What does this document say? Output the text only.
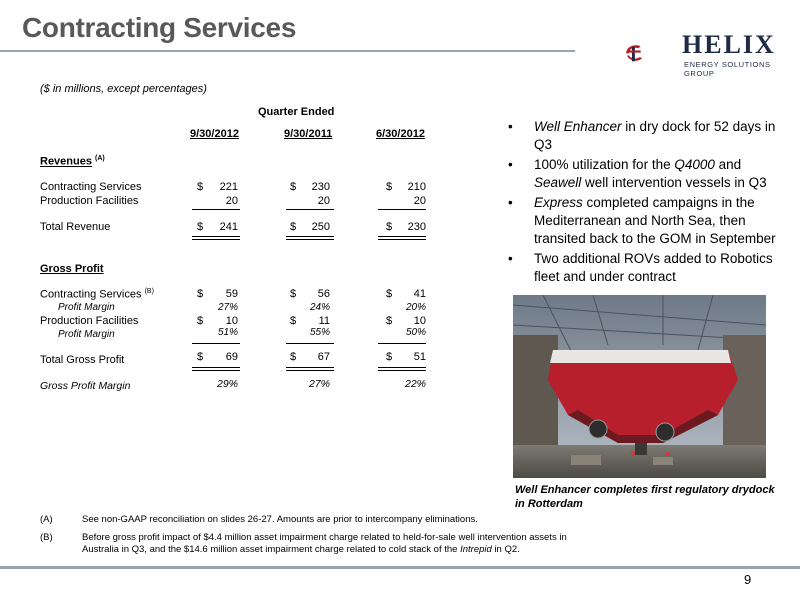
Contracting Services
HELIX
ENERGY SOLUTIONS GROUP
($ in millions, except percentages)
Quarter Ended
9/30/2012	9/30/2011	6/30/2012
Revenues $^{(A)}$
Contracting Services	$	221	$	230	$	210
Production Facilities	20	20	20
Total Revenue	$	241	$	250	$	230
Gross Profit
Contracting Services $^{(B)}$	$	59	$	56	$	41
Profit Margin	27%	24%	20%
Production Facilities	$	10	$	11	$	10
Profit Margin	51%	55%	50%
Total Gross Profit	$	69	$	67	$	51
Gross Profit Margin	29%	27%	22%
• Well Enhancer in dry dock for 52 days in Q3
• 100% utilization for the Q4000 and Seawell well intervention vessels in Q3
• Express completed campaigns in the Mediterranean and North Sea, then transited back to the GOM in September
• Two additional ROVs added to Robotics fleet and under contract
Well Enhancer completes first regulatory drydock in Rotterdam
(A)	See non-GAAP reconciliation on slides 26-27. Amounts are prior to intercompany eliminations.
(B)	Before gross profit impact of $4.4 million asset impairment charge related to held-for-sale well intervention assets in Australia in Q3, and the $14.6 million asset impairment charge related to cold stack of the Intrepid in Q2.
9
